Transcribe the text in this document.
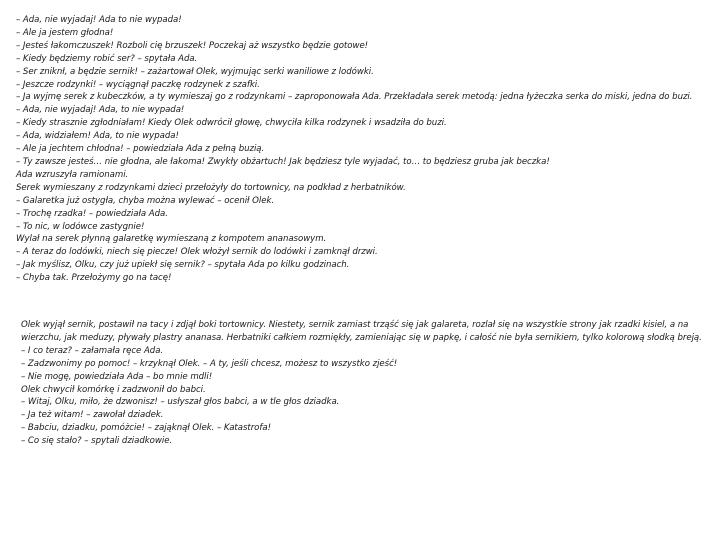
– Ada, nie wyjadaj! Ada to nie wypada!
– Ale ja jestem głodna!
– Jesteś łakomczuszek! Rozboli cię brzuszek! Poczekaj aż wszystko będzie gotowe!
– Kiedy będziemy robić ser? – spytała Ada.
– Ser zniknł, a będzie sernik! – zażartował Olek, wyjmując serki waniliowe z lodówki.
– Jeszcze rodzynki! – wyciągnął paczkę rodzynek z szafki.
– Ja wyjmę serek z kubeczków, a ty wymieszaj go z rodzynkami – zaproponowała Ada. Przekładała serek metodą: jedna łyżeczka serka do miski, jedna do buzi.
– Ada, nie wyjadaj! Ada, to nie wypada!
– Kiedy strasznie zgłodniałam! Kiedy Olek odwrócił głowę, chwyciła kilka rodzynek i wsadziła do buzi.
– Ada, widziałem! Ada, to nie wypada!
– Ale ja jechtem chłodna! – powiedziała Ada z pełną buzią.
– Ty zawsze jesteś… nie głodna, ale łakoma! Zwykły obżartuch! Jak będziesz tyle wyjadać, to… to będziesz gruba jak beczka!
Ada wzruszyła ramionami.
Serek wymieszany z rodzynkami dzieci przełożyły do tortownicy, na podkład z herbatników.
– Galaretka już ostygła, chyba można wylewać – ocenił Olek.
– Trochę rzadka! – powiedziała Ada.
– To nic, w lodówce zastygnie!
Wylał na serek płynną galaretkę wymieszaną z kompotem ananasowym.
– A teraz do lodówki, niech się piecze! Olek włożył sernik do lodówki i zamknął drzwi.
– Jak myślisz, Olku, czy już upiekł się sernik? – spytała Ada po kilku godzinach.
– Chyba tak. Przełożymy go na tacę!
Olek wyjął sernik, postawił na tacy i zdjął boki tortownicy. Niestety, sernik zamiast trząść się jak galareta, rozlał się na wszystkie strony jak rzadki kisiel, a na wierzchu, jak meduzy, pływały plastry ananasa. Herbatniki całkiem rozmiękły, zamieniając się w papkę, i całość nie była sernikiem, tylko kolorową słodką breją.
– I co teraz? – załamała ręce Ada.
– Zadzwonimy po pomoc! – krzyknął Olek. – A ty, jeśli chcesz, możesz to wszystko zjeść!
– Nie mogę, powiedziała Ada – bo mnie mdli!
Olek chwycił komórkę i zadzwonił do babci.
– Witaj, Olku, miło, że dzwonisz! – usłyszał głos babci, a w tle głos dziadka.
– Ja też witam! – zawołał dziadek.
– Babciu, dziadku, pomóżcie! – zająknął Olek. – Katastrofa!
– Co się stało? – spytali dziadkowie.
